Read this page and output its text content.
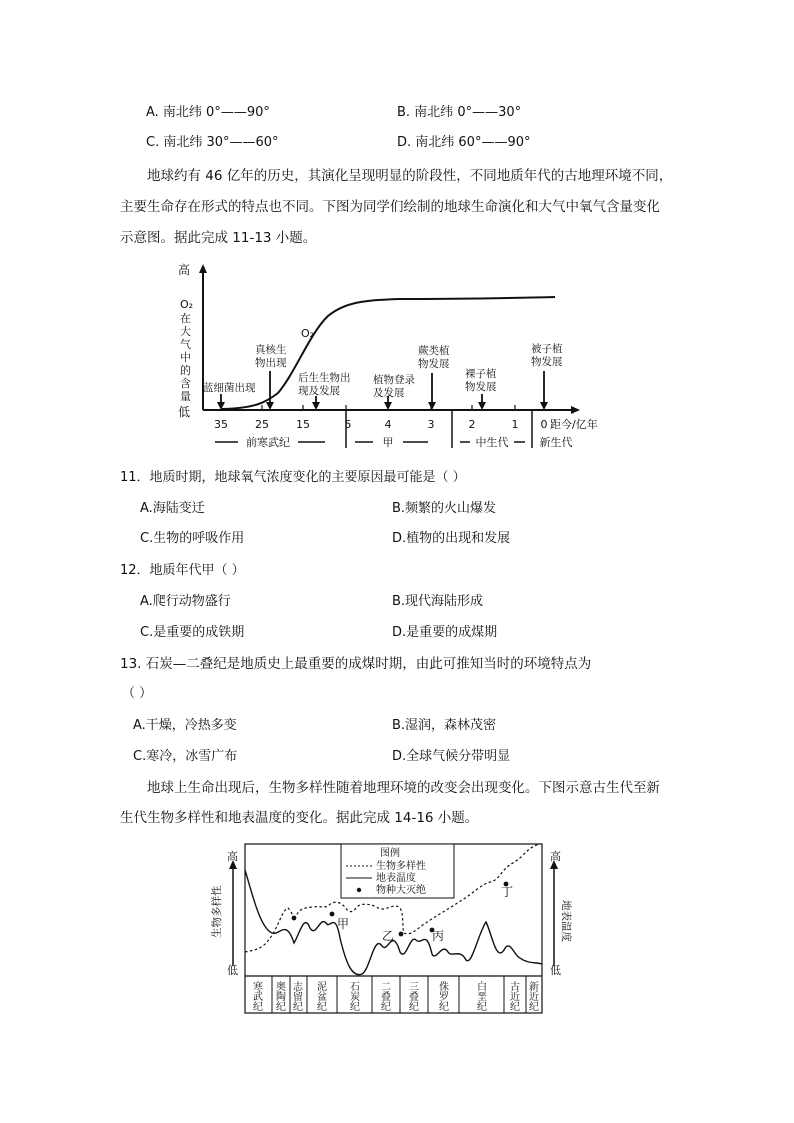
A. 南北纬 0°——90°	B. 南北纬 0°——30°
C. 南北纬 30°——60°	D. 南北纬 60°——90°
地球约有 46 亿年的历史，其演化呈现明显的阶段性，不同地质年代的古地理环境不同，
主要生命存在形式的特点也不同。下图为同学们绘制的地球生命演化和大气中氧气含量变化
示意图。据此完成 11-13 小题。
高
低
O₂
在
大
气
中
的
含
量
O₂
35 25 15	5	4	3	2	1 0 距今/亿年
蓝细菌出现
真核生
物出现
后生生物出
现及发展
植物登录
及发展
蕨类植
物发展
裸子植
物发展
被子植
物发展
前寒武纪	甲	中生代	新生代
11．地质时期，地球氧气浓度变化的主要原因最可能是（ ）
A.海陆变迁	B.频繁的火山爆发
C.生物的呼吸作用	D.植物的出现和发展
12．地质年代甲（ ）
A.爬行动物盛行	B.现代海陆形成
C.是重要的成铁期	D.是重要的成煤期
13. 石炭—二叠纪是地质史上最重要的成煤时期，由此可推知当时的环境特点为
（ ）
A.干燥，冷热多变	B.湿润，森林茂密
C.寒冷，冰雪广布	D.全球气候分带明显
地球上生命出现后，生物多样性随着地理环境的改变会出现变化。下图示意古生代至新
生代生物多样性和地表温度的变化。据此完成 14-16 小题。
高
低
生物多样性
高
低
地表温度
甲
乙	丙
丁
图例
生物多样性
地表温度
物种大灭绝
寒
武
纪
奥
陶
纪
志
留
纪
泥
盆
纪
石
炭
纪
二
叠
纪
三
叠
纪
侏
罗
纪
白
垩
纪
古
近
纪
新
近
纪
